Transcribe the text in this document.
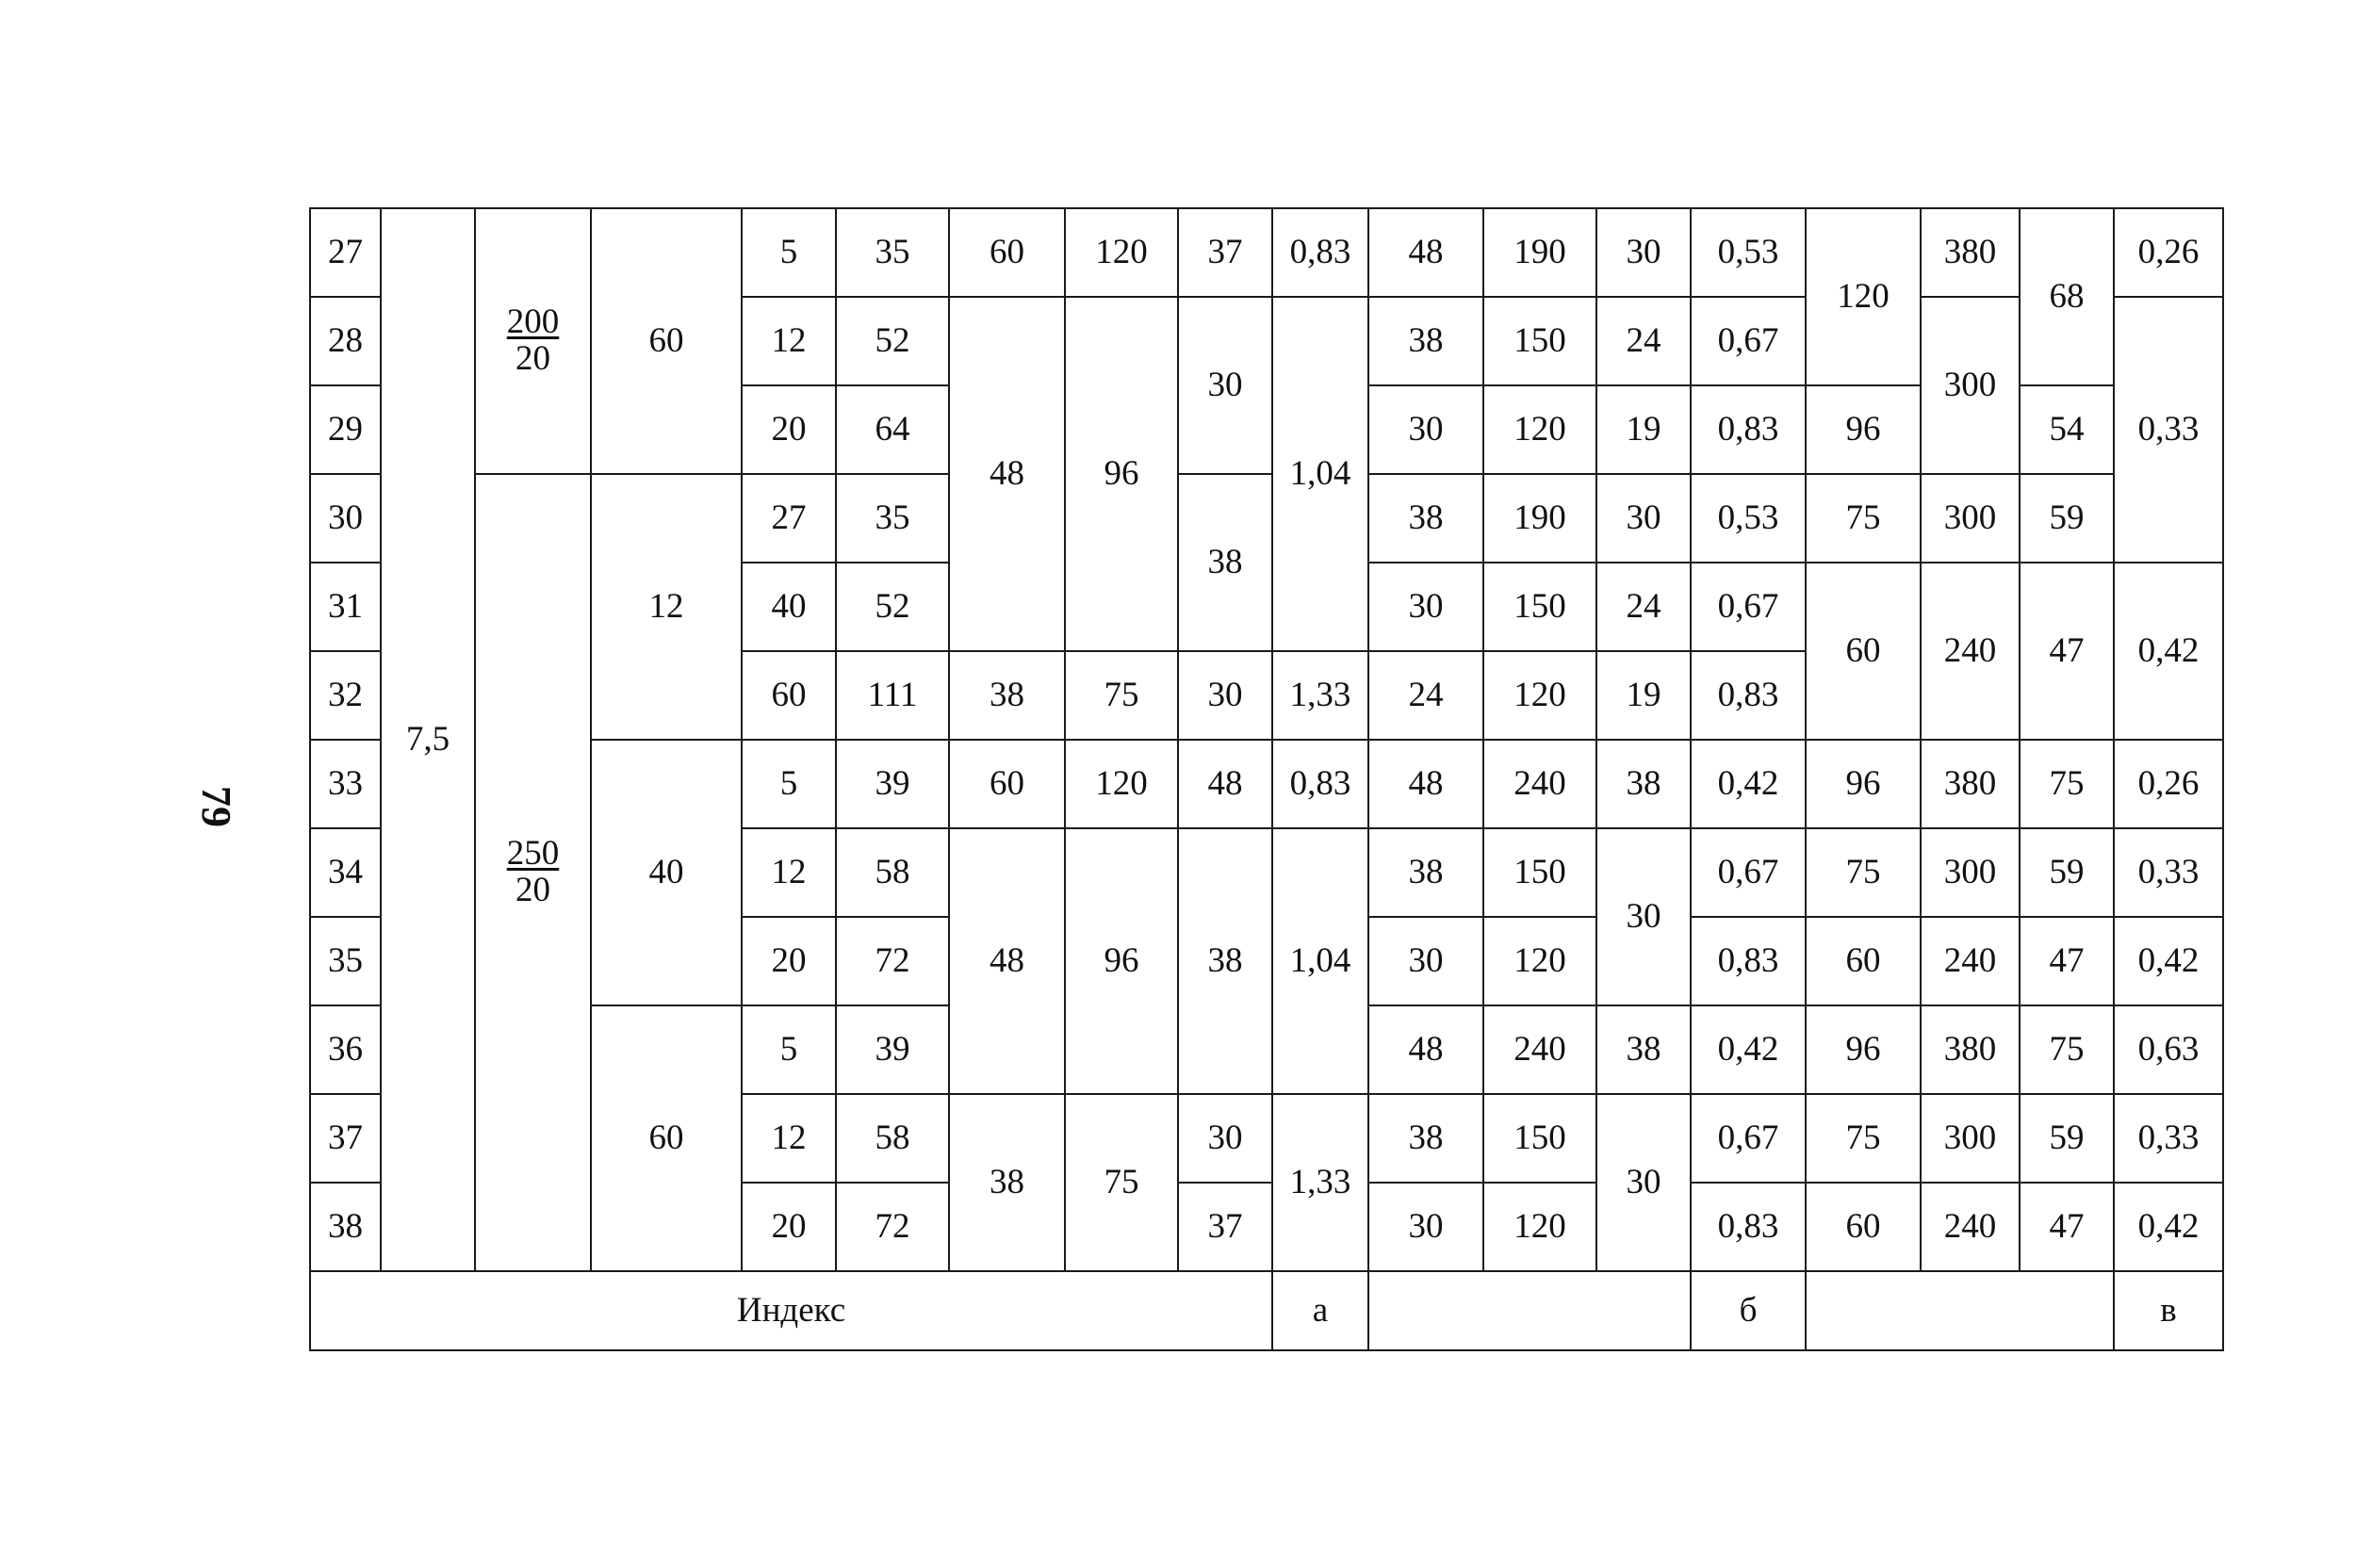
79
27	7,5	$\frac{200}{20}$	60	5	35	60	120	37	0,83	48	190	30	0,53	120	380	68	0,26
28				12	52	48	96	30	1,04	38	150	24	0,67		300		0,33
29				20	64					30	120	19	0,83	96		54	
30		$\frac{250}{20}$	12	27	35			38		38	190	30	0,53	75	300	59	
31				40	52					30	150	24	0,67	60	240	47	0,42
32				60	111	38	75	30	1,33	24	120	19	0,83				
33			40	5	39	60	120	48	0,83	48	240	38	0,42	96	380	75	0,26
34				12	58	48	96	38	1,04	38	150	30	0,67	75	300	59	0,33
35				20	72					30	120		0,83	60	240	47	0,42
36			60	5	39					48	240	38	0,42	96	380	75	0,63
37				12	58	38	75	30	1,33	38	150	30	0,67	75	300	59	0,33
38				20	72			37		30	120		0,83	60	240	47	0,42
Индекс									а				б				в
